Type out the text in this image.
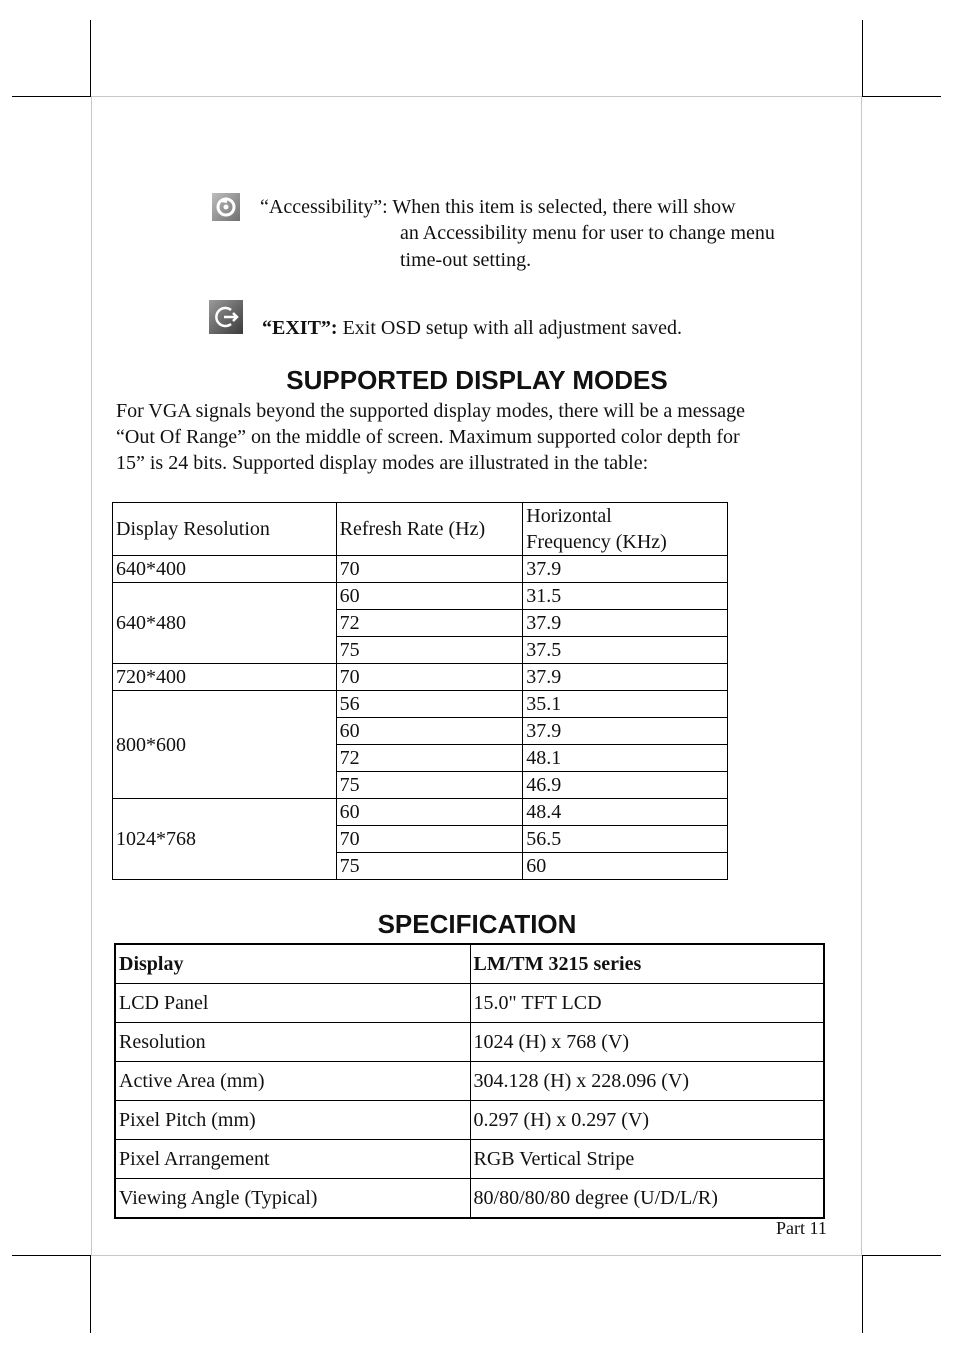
“Accessibility”: When this item is selected, there will show
an Accessibility menu for user to change menu
time-out setting.
“EXIT”: Exit OSD setup with all adjustment saved.
SUPPORTED DISPLAY MODES
For VGA signals beyond the supported display modes, there will be a message
“Out Of Range” on the middle of screen. Maximum supported color depth for
15” is 24 bits. Supported display modes are illustrated in the table:
Display Resolution	Refresh Rate (Hz)	Horizontal
Frequency (KHz)

640*400	70	37.9
640*480	60	31.5
	72	37.9
	75	37.5
720*400	70	37.9
800*600	56	35.1
	60	37.9
	72	48.1
	75	46.9
1024*768	60	48.4
	70	56.5
	75	60
SPECIFICATION
Display	LM/TM 3215 series
LCD Panel	15.0" TFT LCD
Resolution	1024 (H) x 768 (V)
Active Area (mm)	304.128 (H) x 228.096 (V)
Pixel Pitch (mm)	0.297 (H) x 0.297 (V)
Pixel Arrangement	RGB Vertical Stripe
Viewing Angle (Typical)	80/80/80/80 degree (U/D/L/R)
Part 11
